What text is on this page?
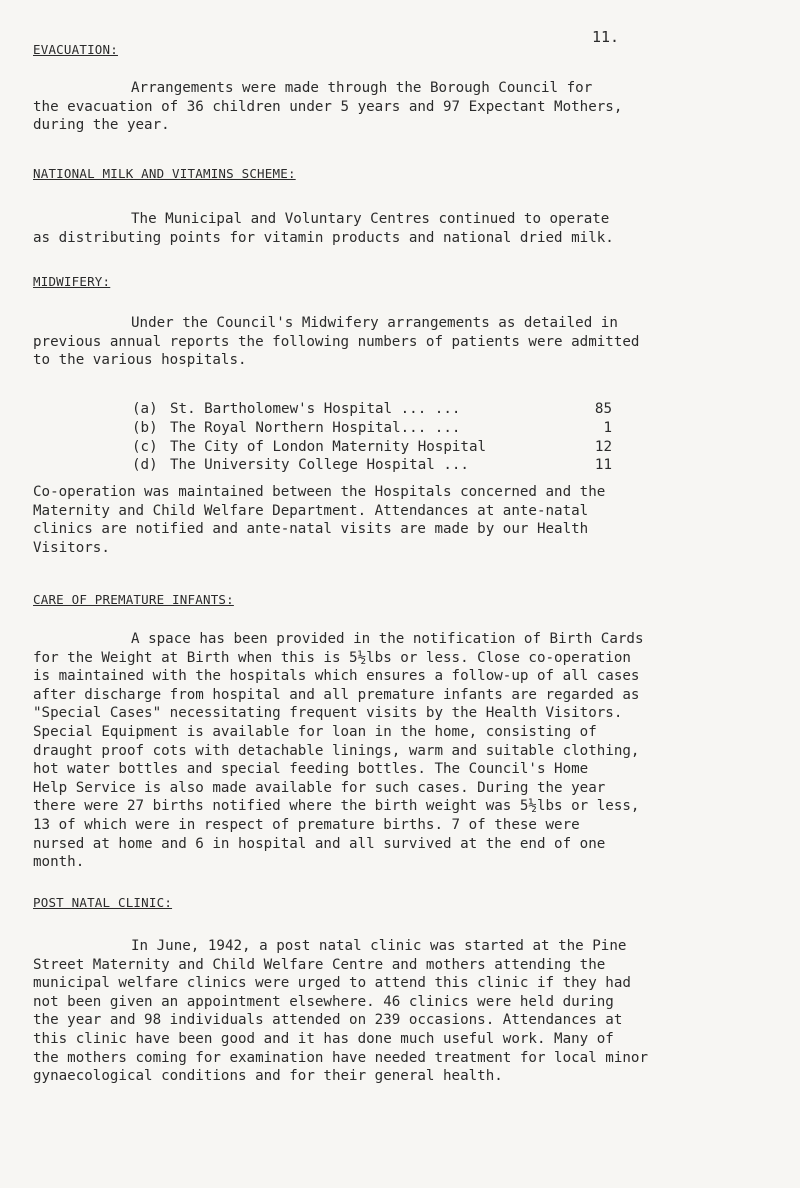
11.
EVACUATION:

Arrangements were made through the Borough Council for
the evacuation of 36 children under 5 years and 97 Expectant Mothers,
during the year.

NATIONAL MILK AND VITAMINS SCHEME:

The Municipal and Voluntary Centres continued to operate
as distributing points for vitamin products and national dried milk.

MIDWIFERY:

Under the Council's Midwifery arrangements as detailed in
previous annual reports the following numbers of patients were admitted
to the various hospitals.

(a) St. Bartholomew's Hospital ... ...	85
(b) The Royal Northern Hospital... ...	1
(c) The City of London Maternity Hospital	12
(d) The University College Hospital ...	11

Co-operation was maintained between the Hospitals concerned and the
Maternity and Child Welfare Department. Attendances at ante-natal
clinics are notified and ante-natal visits are made by our Health
Visitors.

CARE OF PREMATURE INFANTS:

A space has been provided in the notification of Birth Cards
for the Weight at Birth when this is 5½lbs or less. Close co-operation
is maintained with the hospitals which ensures a follow-up of all cases
after discharge from hospital and all premature infants are regarded as
"Special Cases" necessitating frequent visits by the Health Visitors.
Special Equipment is available for loan in the home, consisting of
draught proof cots with detachable linings, warm and suitable clothing,
hot water bottles and special feeding bottles. The Council's Home
Help Service is also made available for such cases. During the year
there were 27 births notified where the birth weight was 5½lbs or less,
13 of which were in respect of premature births. 7 of these were
nursed at home and 6 in hospital and all survived at the end of one
month.

POST NATAL CLINIC:

In June, 1942, a post natal clinic was started at the Pine
Street Maternity and Child Welfare Centre and mothers attending the
municipal welfare clinics were urged to attend this clinic if they had
not been given an appointment elsewhere. 46 clinics were held during
the year and 98 individuals attended on 239 occasions. Attendances at
this clinic have been good and it has done much useful work. Many of
the mothers coming for examination have needed treatment for local minor
gynaecological conditions and for their general health.
